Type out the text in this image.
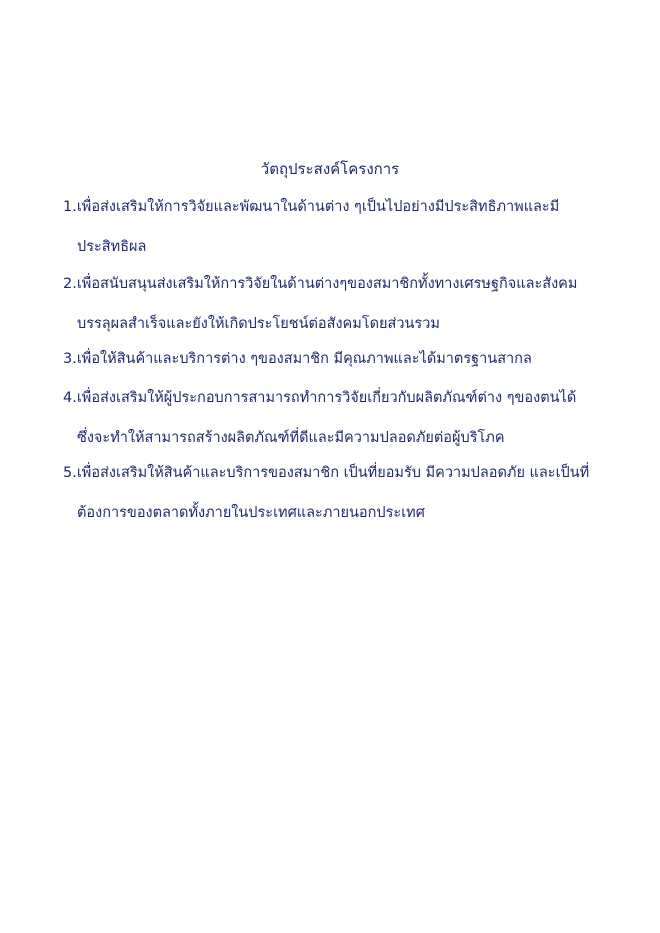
วัตถุประสงค์โครงการ
1.เพื่อส่งเสริมให้การวิจัยและพัฒนาในด้านต่าง ๆเป็นไปอย่างมีประสิทธิภาพและมี
ประสิทธิผล
2.เพื่อสนับสนุนส่งเสริมให้การวิจัยในด้านต่างๆของสมาชิกทั้งทางเศรษฐกิจและสังคม
บรรลุผลสำเร็จและยังให้เกิดประโยชน์ต่อสังคมโดยส่วนรวม
3.เพื่อให้สินค้าและบริการต่าง ๆของสมาชิก มีคุณภาพและได้มาตรฐานสากล
4.เพื่อส่งเสริมให้ผู้ประกอบการสามารถทำการวิจัยเกี่ยวกับผลิตภัณฑ์ต่าง ๆของตนได้
ซึ่งจะทำให้สามารถสร้างผลิตภัณฑ์ที่ดีและมีความปลอดภัยต่อผู้บริโภค
5.เพื่อส่งเสริมให้สินค้าและบริการของสมาชิก เป็นที่ยอมรับ มีความปลอดภัย และเป็นที่
ต้องการของตลาดทั้งภายในประเทศและภายนอกประเทศ
